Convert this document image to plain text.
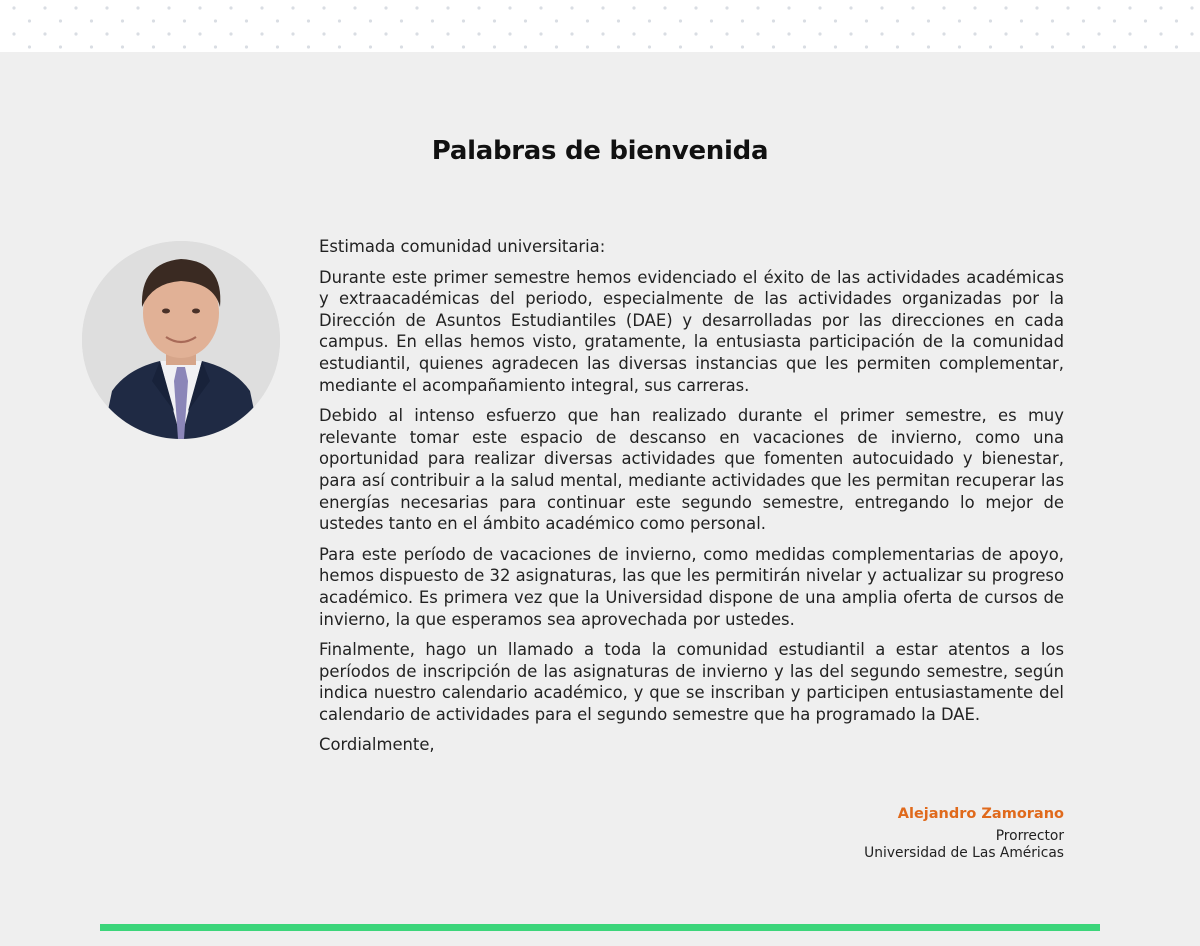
Palabras de bienvenida

Estimada comunidad universitaria:

Durante este primer semestre hemos evidenciado el éxito de las actividades académicas y extraacadémicas del periodo, especialmente de las actividades organizadas por la Dirección de Asuntos Estudiantiles (DAE) y desarrolladas por las direcciones en cada campus. En ellas hemos visto, gratamente, la entusiasta participación de la comunidad estudiantil, quienes agradecen las diversas instancias que les permiten complementar, mediante el acompañamiento integral, sus carreras.

Debido al intenso esfuerzo que han realizado durante el primer semestre, es muy relevante tomar este espacio de descanso en vacaciones de invierno, como una oportunidad para realizar diversas actividades que fomenten autocuidado y bienestar, para así contribuir a la salud mental, mediante actividades que les permitan recuperar las energías necesarias para continuar este segundo semestre, entregando lo mejor de ustedes tanto en el ámbito académico como personal.

Para este período de vacaciones de invierno, como medidas complementarias de apoyo, hemos dispuesto de 32 asignaturas, las que les permitirán nivelar y actualizar su progreso académico. Es primera vez que la Universidad dispone de una amplia oferta de cursos de invierno, la que esperamos sea aprovechada por ustedes.

Finalmente, hago un llamado a toda la comunidad estudiantil a estar atentos a los períodos de inscripción de las asignaturas de invierno y las del segundo semestre, según indica nuestro calendario académico, y que se inscriban y participen entusiastamente del calendario de actividades para el segundo semestre que ha programado la DAE.

Cordialmente,

Alejandro Zamorano
Prorrector
Universidad de Las Américas
